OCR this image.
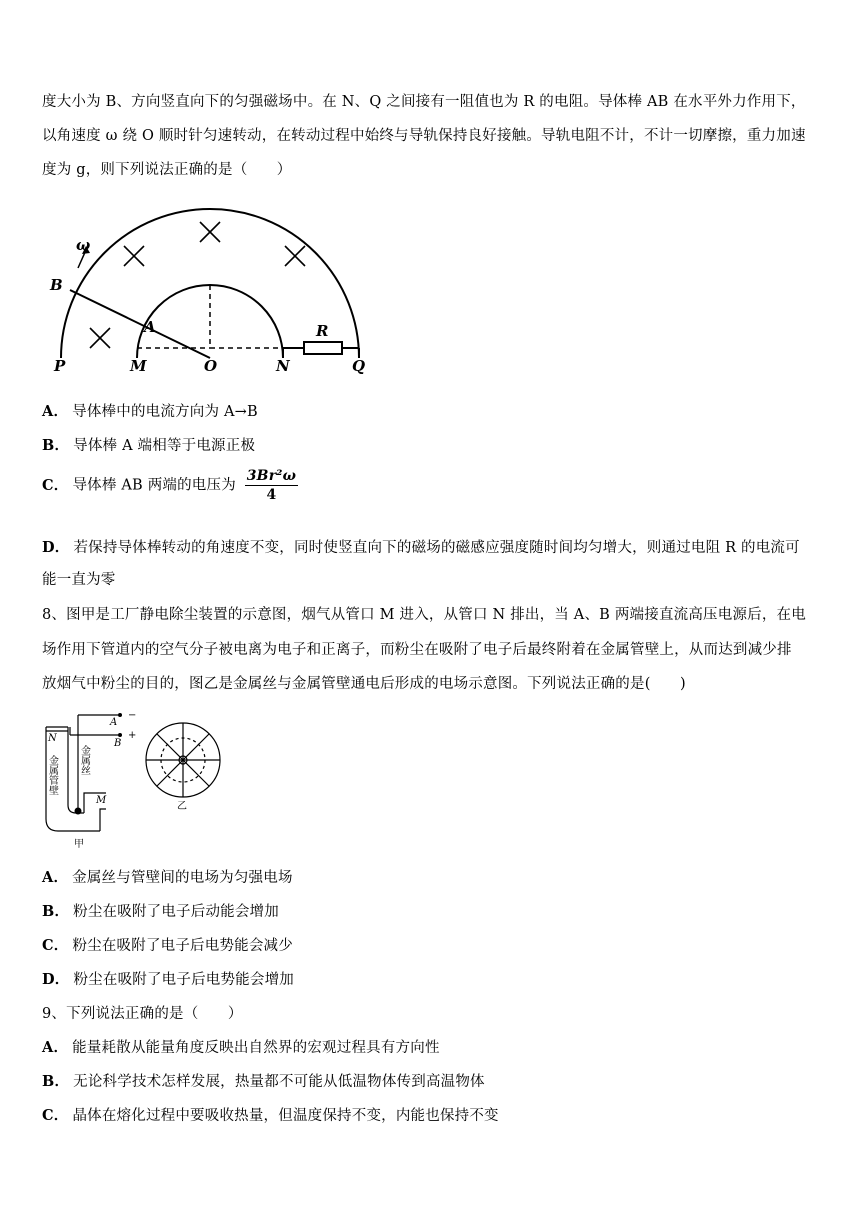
度大小为 B、方向竖直向下的匀强磁场中。在 N、Q 之间接有一阻值也为 R 的电阻。导体棒 AB 在水平外力作用下，
以角速度 ω 绕 O 顺时针匀速转动，在转动过程中始终与导轨保持良好接触。导轨电阻不计，不计一切摩擦，重力加速
度为 g，则下列说法正确的是（　　）
ω
B
A
P	M	O	N	Q
R
A． 导体棒中的电流方向为 A→B
B． 导体棒 A 端相等于电源正极
C． 导体棒 AB 两端的电压为 $\frac{\text{3Br²ω}}{4}$
D． 若保持导体棒转动的角速度不变，同时使竖直向下的磁场的磁感应强度随时间均匀增大，则通过电阻 R 的电流可
能一直为零
8、图甲是工厂静电除尘装置的示意图，烟气从管口 M 进入，从管口 N 排出，当 A、B 两端接直流高压电源后，在电
场作用下管道内的空气分子被电离为电子和正离子，而粉尘在吸附了电子后最终附着在金属管壁上，从而达到减少排
放烟气中粉尘的目的，图乙是金属丝与金属管壁通电后形成的电场示意图。下列说法正确的是(　　)
N
A
B
−
+
M
金属管壁 金属丝
甲
乙
A． 金属丝与管壁间的电场为匀强电场
B． 粉尘在吸附了电子后动能会增加
C． 粉尘在吸附了电子后电势能会减少
D． 粉尘在吸附了电子后电势能会增加
9、下列说法正确的是（　　）
A． 能量耗散从能量角度反映出自然界的宏观过程具有方向性
B． 无论科学技术怎样发展，热量都不可能从低温物体传到高温物体
C． 晶体在熔化过程中要吸收热量，但温度保持不变，内能也保持不变
